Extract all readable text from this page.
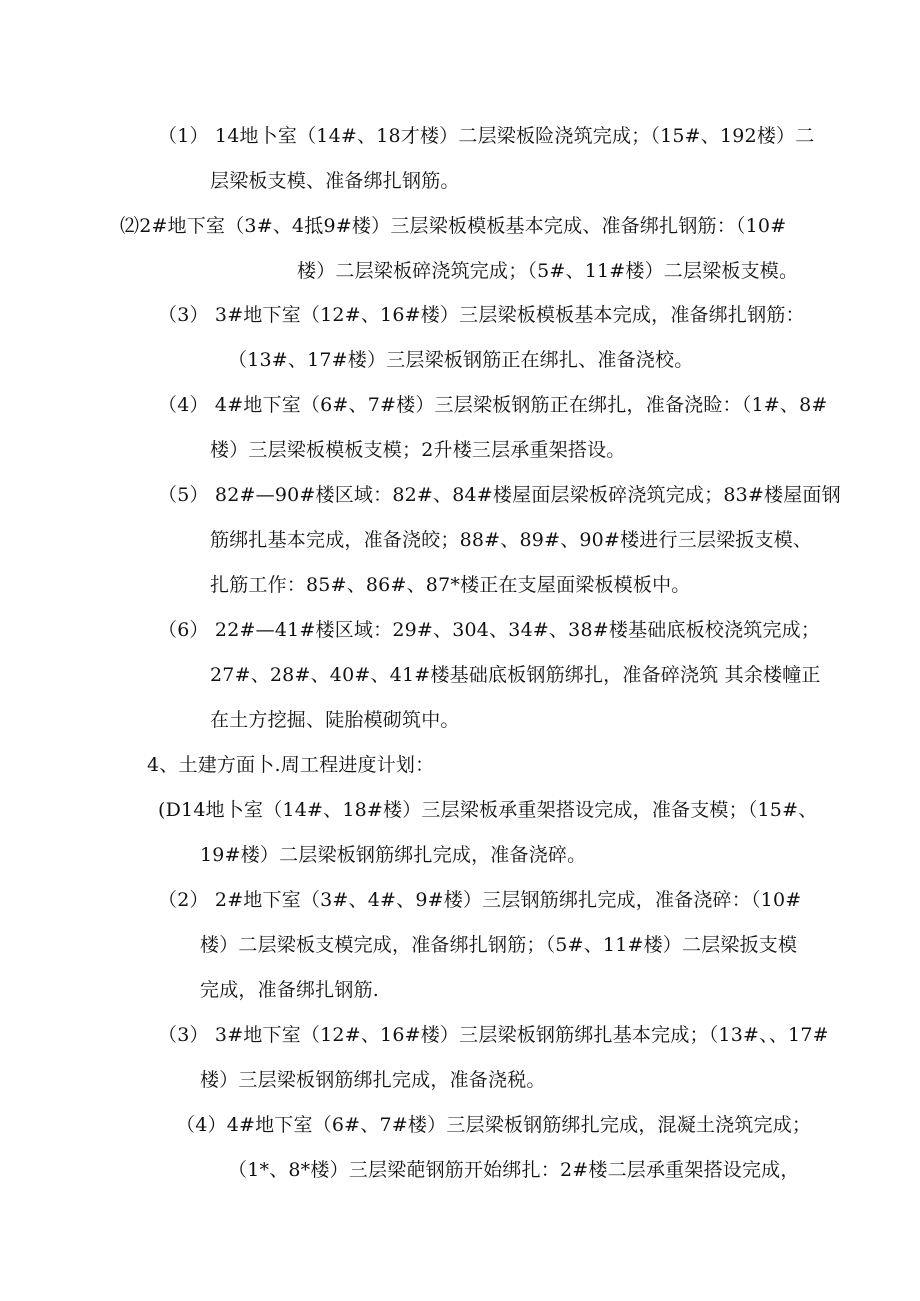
（1） 14地卜室（14#、18才楼）二层梁板险浇筑完成；（15#、192楼）二
层梁板支模、准备绑扎钢筋。
⑵2#地下室（3#、4抵9#楼）三层梁板模板基本完成、准备绑扎钢筋：（10#
楼）二层梁板碎浇筑完成；（5#、11#楼）二层梁板支模。
（3） 3#地下室（12#、16#楼）三层梁板模板基本完成，准备绑扎钢筋：
（13#、17#楼）三层梁板钢筋正在绑扎、准备浇校。
（4） 4#地下室（6#、7#楼）三层梁板钢筋正在绑扎，准备浇睑：（1#、8#
楼）三层梁板模板支模；2升楼三层承重架搭设。
（5） 82#—90#楼区域：82#、84#楼屋面层梁板碎浇筑完成；83#楼屋面钢
筋绑扎基本完成，准备浇皎；88#、89#、90#楼进行三层梁扳支模、
扎筋工作：85#、86#、87*楼正在支屋面梁板模板中。
（6） 22#—41#楼区域：29#、304、34#、38#楼基础底板校浇筑完成；
27#、28#、40#、41#楼基础底板钢筋绑扎，准备碎浇筑 其余楼幢正
在土方挖掘、陡胎模砌筑中。
4、土建方面卜.周工程进度计划：
(D14地卜室（14#、18#楼）三层梁板承重架搭设完成，准备支模；（15#、
19#楼）二层梁板钢筋绑扎完成，准备浇碎。
（2） 2#地下室（3#、4#、9#楼）三层钢筋绑扎完成，准备浇碎：（10#
楼）二层梁板支模完成，准备绑扎钢筋；（5#、11#楼）二层梁扳支模
完成，准备绑扎钢筋.
（3） 3#地下室（12#、16#楼）三层梁板钢筋绑扎基本完成；（13#、、17#
楼）三层梁板钢筋绑扎完成，准备浇税。
（4）4#地下室（6#、7#楼）三层梁板钢筋绑扎完成，混凝土浇筑完成；
（1*、8*楼）三层梁葩钢筋开始绑扎：2#楼二层承重架搭设完成，
